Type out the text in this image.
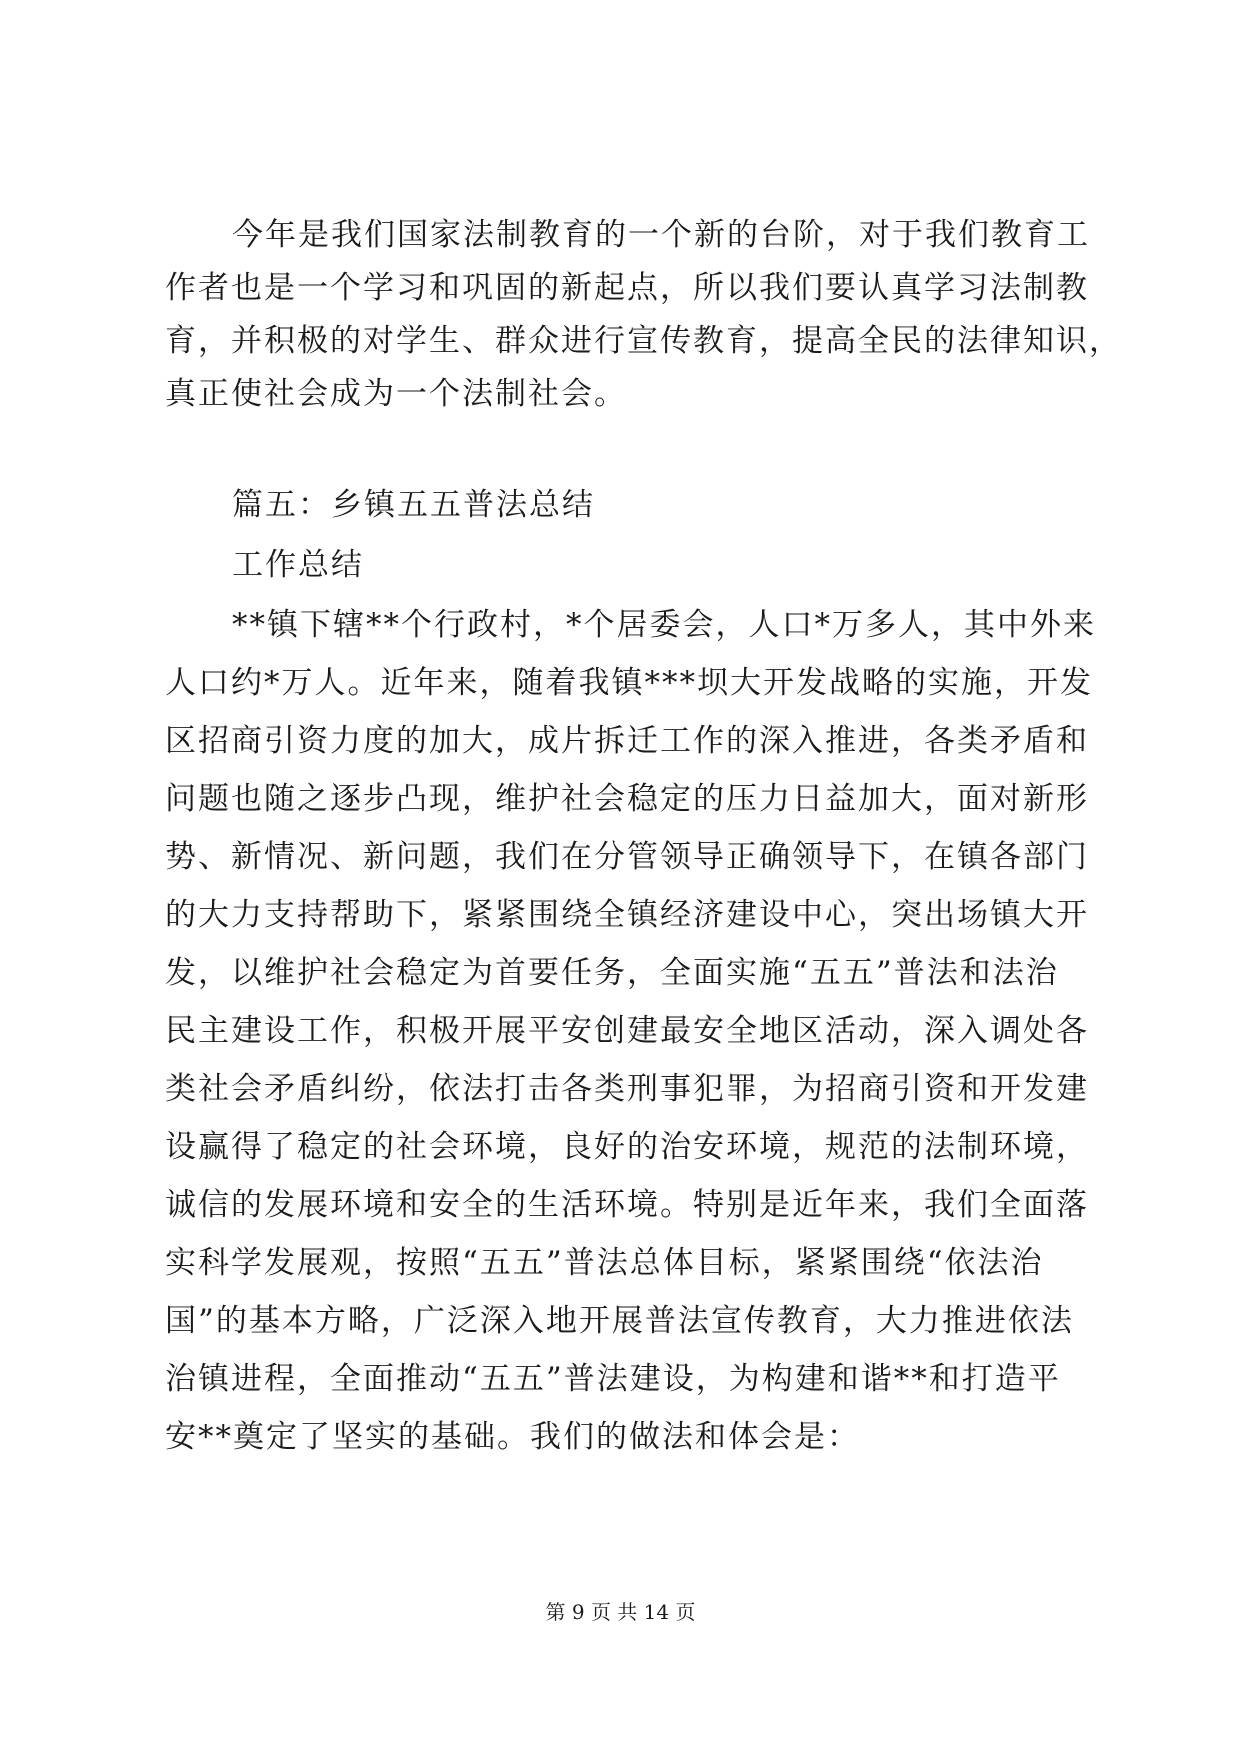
今年是我们国家法制教育的一个新的台阶，对于我们教育工
作者也是一个学习和巩固的新起点，所以我们要认真学习法制教
育，并积极的对学生、群众进行宣传教育，提高全民的法律知识，
真正使社会成为一个法制社会。
篇五：乡镇五五普法总结
工作总结
**镇下辖**个行政村，*个居委会，人口*万多人，其中外来
人口约*万人。近年来，随着我镇***坝大开发战略的实施，开发
区招商引资力度的加大，成片拆迁工作的深入推进，各类矛盾和
问题也随之逐步凸现，维护社会稳定的压力日益加大，面对新形
势、新情况、新问题，我们在分管领导正确领导下，在镇各部门
的大力支持帮助下，紧紧围绕全镇经济建设中心，突出场镇大开
发，以维护社会稳定为首要任务，全面实施“五五”普法和法治
民主建设工作，积极开展平安创建最安全地区活动，深入调处各
类社会矛盾纠纷，依法打击各类刑事犯罪，为招商引资和开发建
设赢得了稳定的社会环境，良好的治安环境，规范的法制环境，
诚信的发展环境和安全的生活环境。特别是近年来，我们全面落
实科学发展观，按照“五五”普法总体目标，紧紧围绕“依法治
国”的基本方略，广泛深入地开展普法宣传教育，大力推进依法
治镇进程，全面推动“五五”普法建设，为构建和谐**和打造平
安**奠定了坚实的基础。我们的做法和体会是：
第 9 页 共 14 页
